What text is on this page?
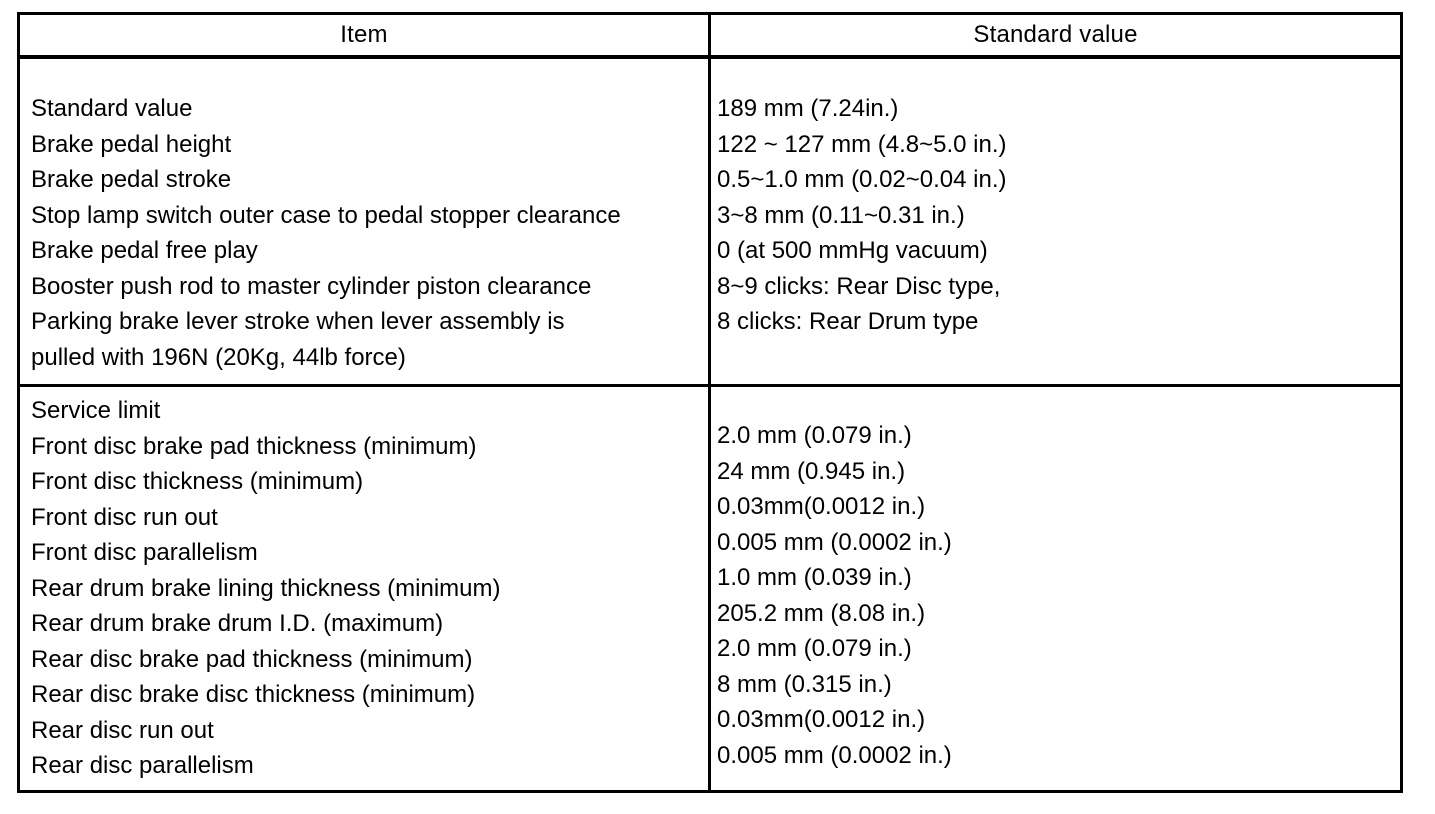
Item	Standard value
Standard value
Brake pedal height
Brake pedal stroke
Stop lamp switch outer case to pedal stopper clearance
Brake pedal free play
Booster push rod to master cylinder piston clearance
Parking brake lever stroke when lever assembly is
pulled with 196N (20Kg, 44lb force)
189 mm (7.24in.)
122 ~ 127 mm (4.8~5.0 in.)
0.5~1.0 mm (0.02~0.04 in.)
3~8 mm (0.11~0.31 in.)
0 (at 500 mmHg vacuum)
8~9 clicks: Rear Disc type,
8 clicks: Rear Drum type
Service limit
Front disc brake pad thickness (minimum)
Front disc thickness (minimum)
Front disc run out
Front disc parallelism
Rear drum brake lining thickness (minimum)
Rear drum brake drum I.D. (maximum)
Rear disc brake pad thickness (minimum)
Rear disc brake disc thickness (minimum)
Rear disc run out
Rear disc parallelism
2.0 mm (0.079 in.)
24 mm (0.945 in.)
0.03mm(0.0012 in.)
0.005 mm (0.0002 in.)
1.0 mm (0.039 in.)
205.2 mm (8.08 in.)
2.0 mm (0.079 in.)
8 mm (0.315 in.)
0.03mm(0.0012 in.)
0.005 mm (0.0002 in.)
